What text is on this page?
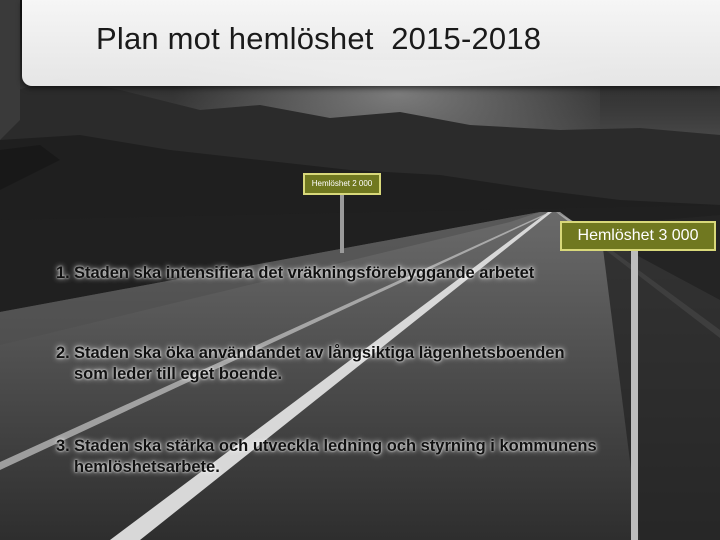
Plan mot hemlöshet  2015-2018
Hemlöshet 2 000
Hemlöshet 3 000
1. Staden ska intensifiera det vräkningsförebyggande arbetet
2. Staden ska öka användandet av långsiktiga lägenhetsboenden
som leder till eget boende.
3. Staden ska stärka och utveckla ledning och styrning i kommunens
hemlöshetsarbete.
